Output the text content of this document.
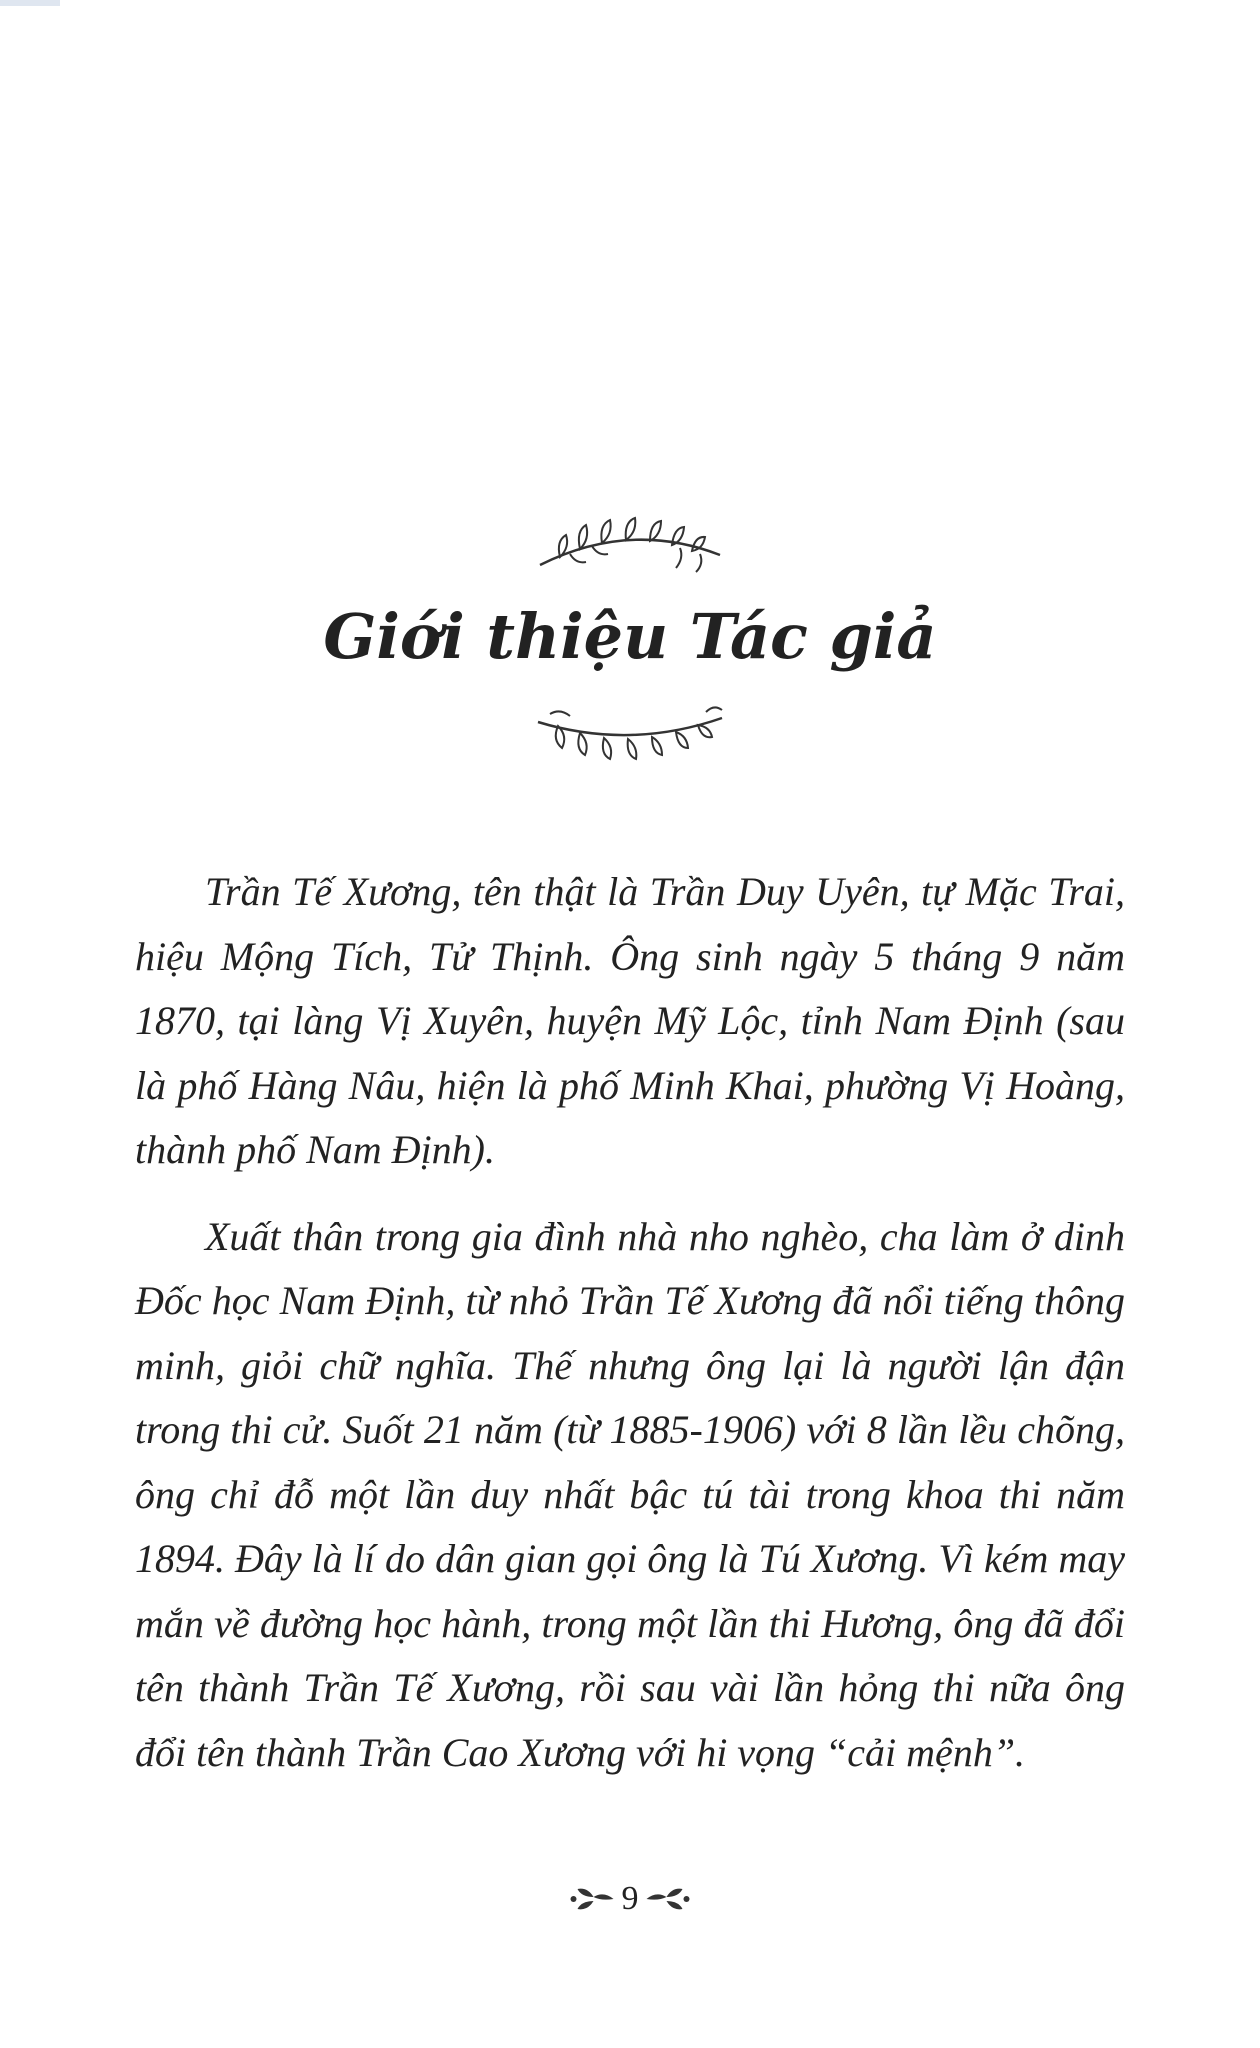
Giới thiệu Tác giả

Trần Tế Xương, tên thật là Trần Duy Uyên, tự Mặc Trai, hiệu Mộng Tích, Tử Thịnh. Ông sinh ngày 5 tháng 9 năm 1870, tại làng Vị Xuyên, huyện Mỹ Lộc, tỉnh Nam Định (sau là phố Hàng Nâu, hiện là phố Minh Khai, phường Vị Hoàng, thành phố Nam Định).

Xuất thân trong gia đình nhà nho nghèo, cha làm ở dinh Đốc học Nam Định, từ nhỏ Trần Tế Xương đã nổi tiếng thông minh, giỏi chữ nghĩa. Thế nhưng ông lại là người lận đận trong thi cử. Suốt 21 năm (từ 1885-1906) với 8 lần lều chõng, ông chỉ đỗ một lần duy nhất bậc tú tài trong khoa thi năm 1894. Đây là lí do dân gian gọi ông là Tú Xương. Vì kém may mắn về đường học hành, trong một lần thi Hương, ông đã đổi tên thành Trần Tế Xương, rồi sau vài lần hỏng thi nữa ông đổi tên thành Trần Cao Xương với hi vọng “cải mệnh”.

9
